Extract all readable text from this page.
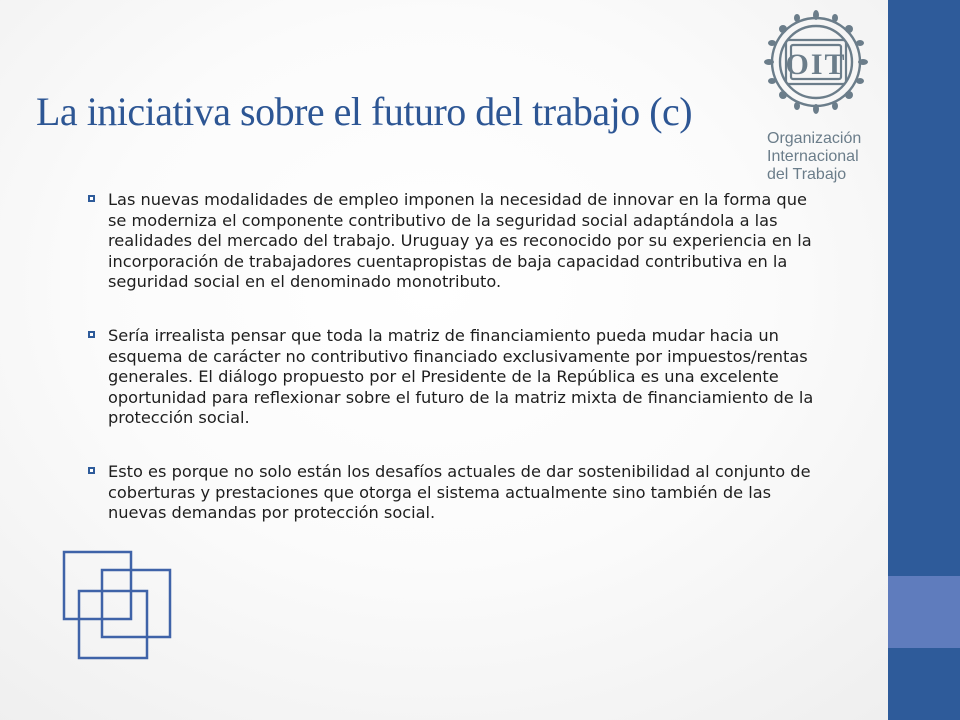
La iniciativa sobre el futuro del trabajo (c)
OIT
Organización
Internacional
del Trabajo
Las nuevas modalidades de empleo imponen la necesidad de innovar en la forma que se moderniza el componente contributivo de la seguridad social adaptándola a las realidades del mercado del trabajo. Uruguay ya es reconocido por su experiencia en la incorporación de trabajadores cuentapropistas de baja capacidad contributiva en la seguridad social en el denominado monotributo.
Sería irrealista pensar que toda la matriz de financiamiento pueda mudar hacia un esquema de carácter no contributivo financiado exclusivamente por impuestos/rentas generales. El diálogo propuesto por el Presidente de la República es una excelente oportunidad para reflexionar sobre el futuro de la matriz mixta de financiamiento de la protección social.
Esto es porque no solo están los desafíos actuales de dar sostenibilidad al conjunto de coberturas y prestaciones que otorga el sistema actualmente sino también de las nuevas demandas por protección social.
